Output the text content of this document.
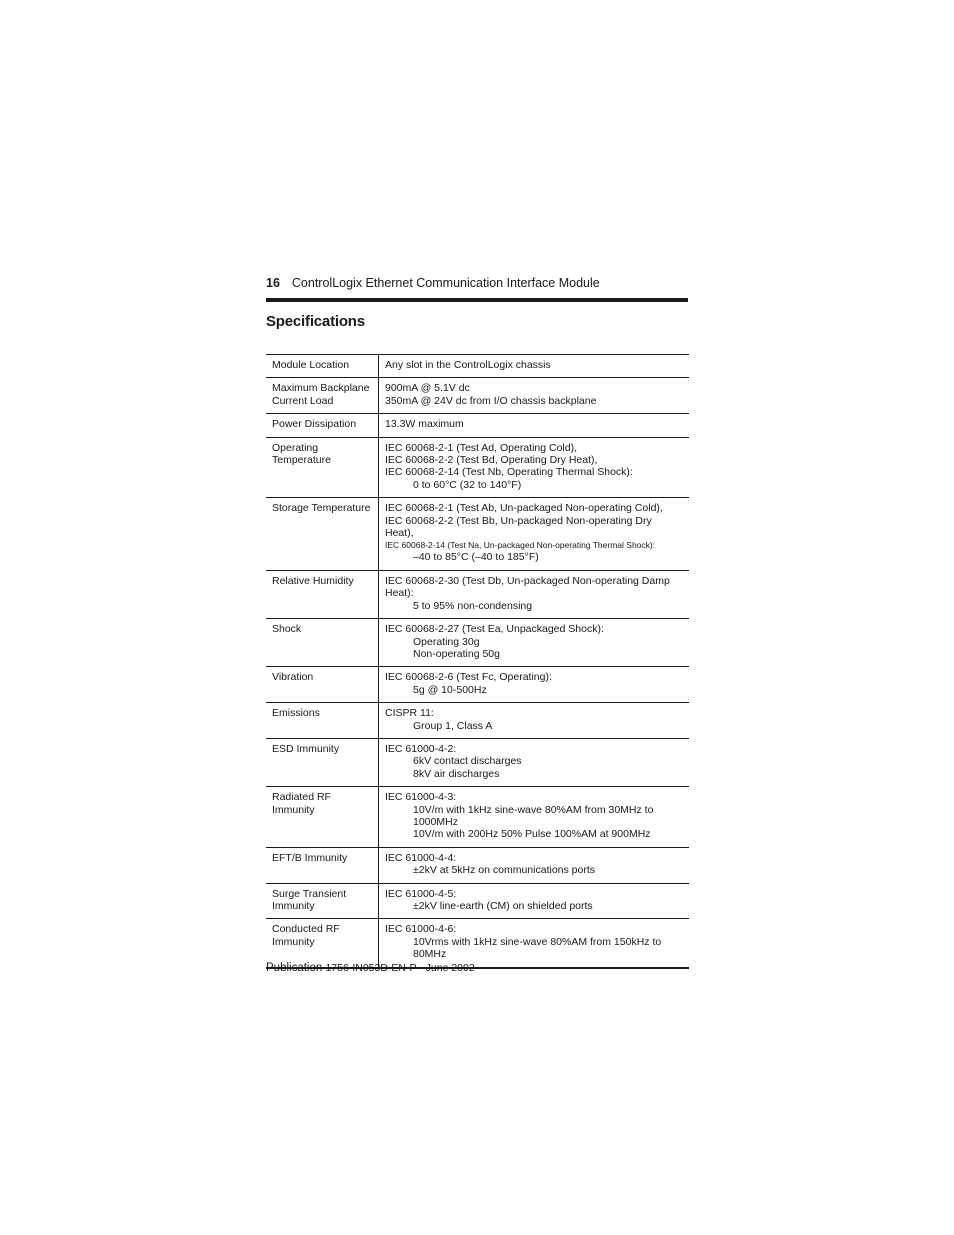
16 ControlLogix Ethernet Communication Interface Module
Specifications
Module Location	Any slot in the ControlLogix chassis

Maximum Backplane Current Load	900mA @ 5.1V dc
350mA @ 24V dc from I/O chassis backplane

Power Dissipation	13.3W maximum

Operating Temperature	IEC 60068-2-1 (Test Ad, Operating Cold),
IEC 60068-2-2 (Test Bd, Operating Dry Heat),
IEC 60068-2-14 (Test Nb, Operating Thermal Shock):
0 to 60°C (32 to 140°F)

Storage Temperature	IEC 60068-2-1 (Test Ab, Un-packaged Non-operating Cold),
IEC 60068-2-2 (Test Bb, Un-packaged Non-operating Dry Heat),
IEC 60068-2-14 (Test Na, Un-packaged Non-operating Thermal Shock):
–40 to 85°C (–40 to 185°F)

Relative Humidity	IEC 60068-2-30 (Test Db, Un-packaged Non-operating Damp Heat):
5 to 95% non-condensing

Shock	IEC 60068-2-27 (Test Ea, Unpackaged Shock):
Operating 30g
Non-operating 50g

Vibration	IEC 60068-2-6 (Test Fc, Operating):
5g @ 10-500Hz

Emissions	CISPR 11:
Group 1, Class A

ESD Immunity	IEC 61000-4-2:
6kV contact discharges
8kV air discharges

Radiated RF Immunity	IEC 61000-4-3:
10V/m with 1kHz sine-wave 80%AM from 30MHz to 1000MHz
10V/m with 200Hz 50% Pulse 100%AM at 900MHz

EFT/B Immunity	IEC 61000-4-4:
±2kV at 5kHz on communications ports

Surge Transient Immunity	IEC 61000-4-5:
±2kV line-earth (CM) on shielded ports

Conducted RF Immunity	IEC 61000-4-6:
10Vrms with 1kHz sine-wave 80%AM from 150kHz to 80MHz
Publication 1756-IN053D-EN-P - June 2002
